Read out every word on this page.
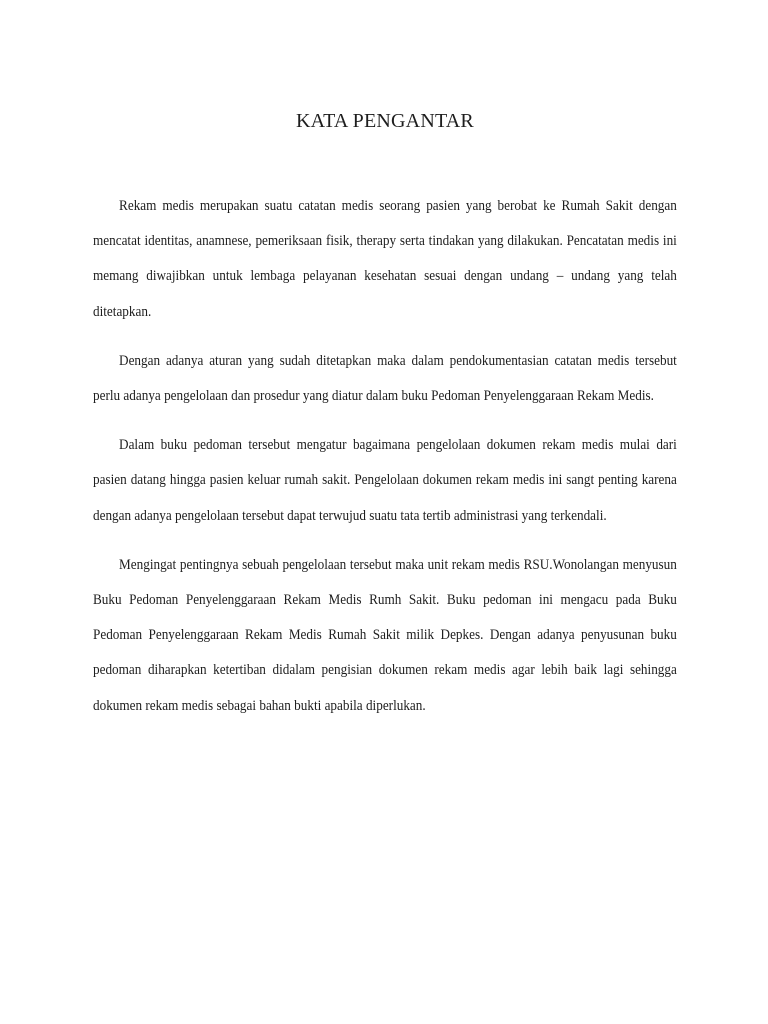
KATA PENGANTAR

Rekam medis merupakan suatu catatan medis seorang pasien yang berobat ke Rumah Sakit dengan mencatat identitas, anamnese, pemeriksaan fisik, therapy serta tindakan yang dilakukan. Pencatatan medis ini memang diwajibkan untuk lembaga pelayanan kesehatan sesuai dengan undang – undang yang telah ditetapkan.

Dengan adanya aturan yang sudah ditetapkan maka dalam pendokumentasian catatan medis tersebut perlu adanya pengelolaan dan prosedur yang diatur dalam buku Pedoman Penyelenggaraan Rekam Medis.

Dalam buku pedoman tersebut mengatur bagaimana pengelolaan dokumen rekam medis mulai dari pasien datang hingga pasien keluar rumah sakit. Pengelolaan dokumen rekam medis ini sangt penting karena dengan adanya pengelolaan tersebut dapat terwujud suatu tata tertib administrasi yang terkendali.

Mengingat pentingnya sebuah pengelolaan tersebut maka unit rekam medis RSU.Wonolangan menyusun Buku Pedoman Penyelenggaraan Rekam Medis Rumh Sakit. Buku pedoman ini mengacu pada Buku Pedoman Penyelenggaraan Rekam Medis Rumah Sakit milik Depkes. Dengan adanya penyusunan buku pedoman diharapkan ketertiban didalam pengisian dokumen rekam medis agar lebih baik lagi sehingga dokumen rekam medis sebagai bahan bukti apabila diperlukan.
